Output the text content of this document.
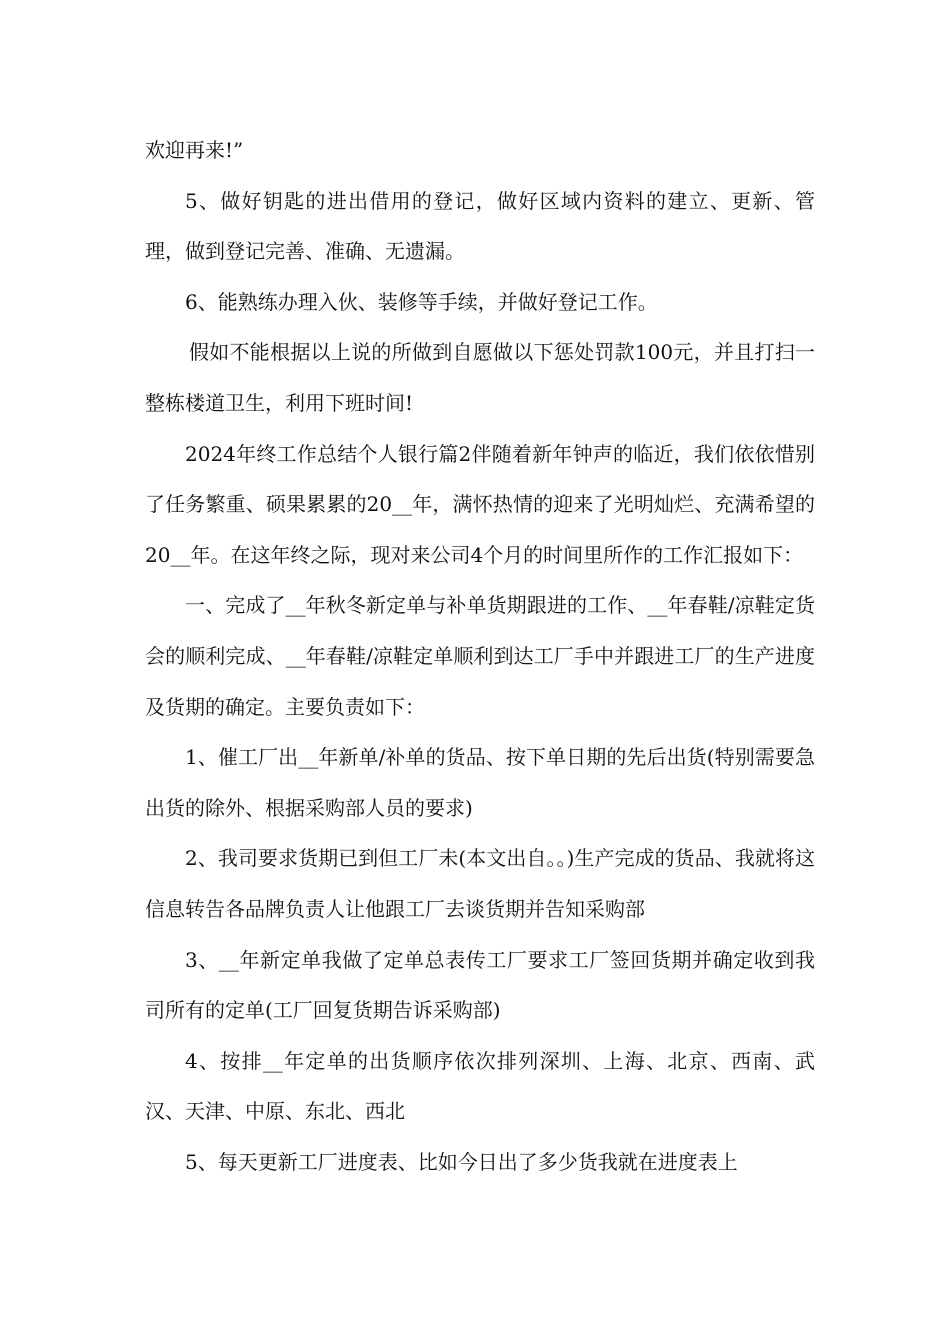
欢迎再来!”

5、做好钥匙的进出借用的登记，做好区域内资料的建立、更新、管理，做到登记完善、准确、无遗漏。

6、能熟练办理入伙、装修等手续，并做好登记工作。

假如不能根据以上说的所做到自愿做以下惩处罚款100元，并且打扫一整栋楼道卫生，利用下班时间!

2024年终工作总结个人银行篇2伴随着新年钟声的临近，我们依依惜别了任务繁重、硕果累累的20__年，满怀热情的迎来了光明灿烂、充满希望的20__年。在这年终之际，现对来公司4个月的时间里所作的工作汇报如下：

一、完成了__年秋冬新定单与补单货期跟进的工作、__年春鞋/凉鞋定货会的顺利完成、__年春鞋/凉鞋定单顺利到达工厂手中并跟进工厂的生产进度及货期的确定。主要负责如下：

1、催工厂出__年新单/补单的货品、按下单日期的先后出货(特别需要急出货的除外、根据采购部人员的要求)

2、我司要求货期已到但工厂未(本文出自。。)生产完成的货品、我就将这信息转告各品牌负责人让他跟工厂去谈货期并告知采购部

3、__年新定单我做了定单总表传工厂要求工厂签回货期并确定收到我司所有的定单(工厂回复货期告诉采购部)

4、按排__年定单的出货顺序依次排列深圳、上海、北京、西南、武汉、天津、中原、东北、西北

5、每天更新工厂进度表、比如今日出了多少货我就在进度表上
